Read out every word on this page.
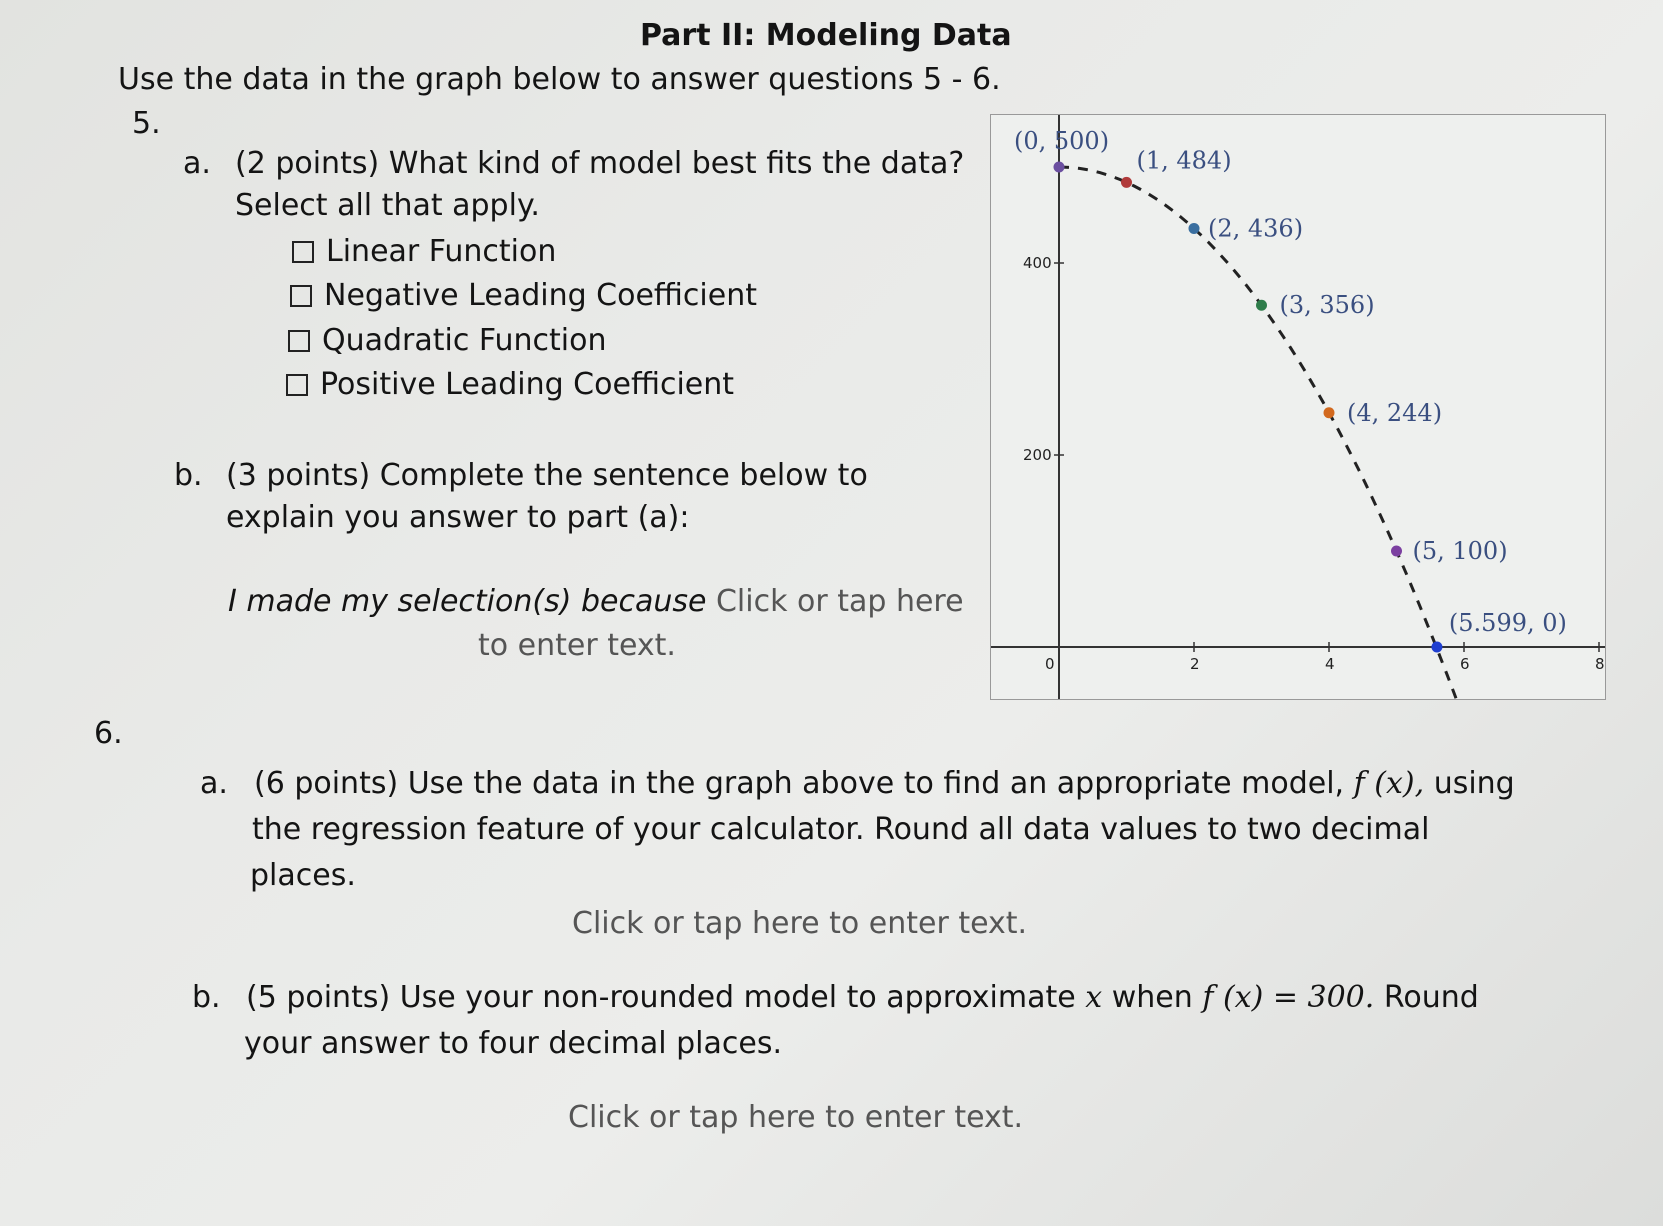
Part II: Modeling Data
Use the data in the graph below to answer questions 5 - 6.
5.
a. (2 points) What kind of model best fits the data?
Select all that apply.
Linear Function
Negative Leading Coefficient
Quadratic Function
Positive Leading Coefficient
b. (3 points) Complete the sentence below to
explain you answer to part (a):
I made my selection(s) because Click or tap here
to enter text.
0	2	4	6	8
200
400
(0, 500)
(1, 484)
(2, 436)
(3, 356)
(4, 244)
(5, 100)
(5.599, 0)
6.
a. (6 points) Use the data in the graph above to find an appropriate model, f (x), using
the regression feature of your calculator. Round all data values to two decimal
places.
Click or tap here to enter text.
b. (5 points) Use your non-rounded model to approximate x when f (x) = 300. Round
your answer to four decimal places.
Click or tap here to enter text.
